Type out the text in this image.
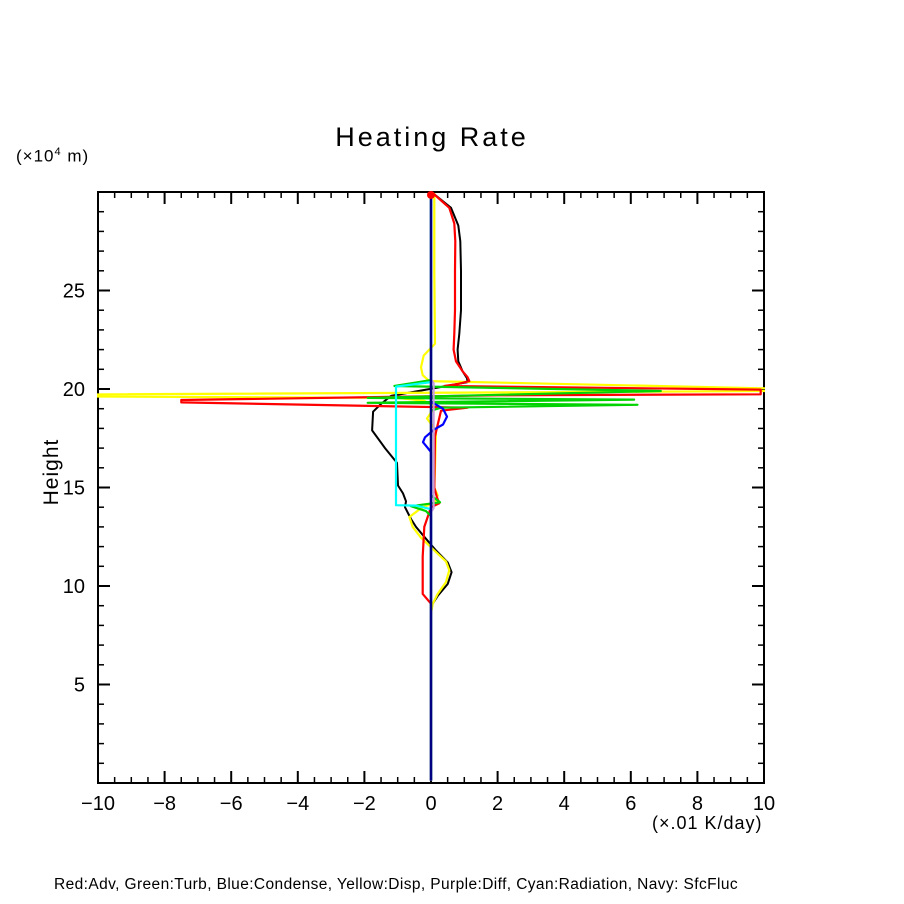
−10 −8 −6 −4 −2 0	2	4	6	8 10
5
10
15
20
25
Heating Rate
($\times 10^4$ m)
Height
(×.01 K/day)
Red:Adv, Green:Turb, Blue:Condense, Yellow:Disp, Purple:Diff, Cyan:Radiation, Navy: SfcFluc
